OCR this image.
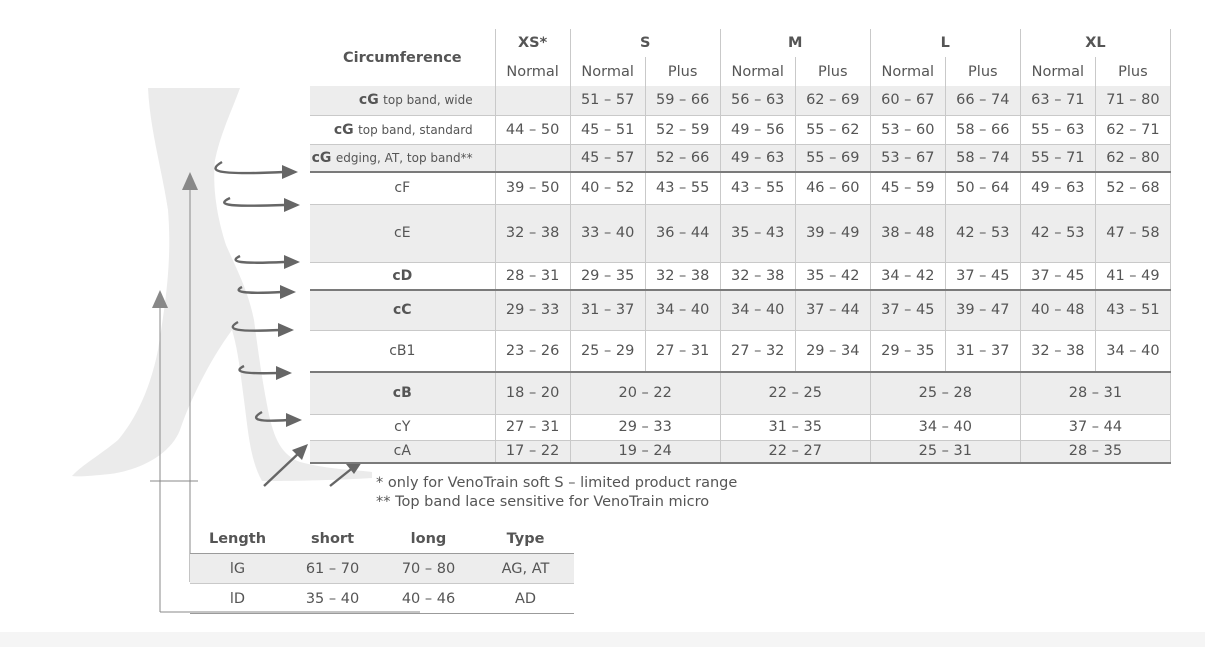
Circumference	XS*	S		M		L		XL	
	Normal	Normal	Plus	Normal	Plus	Normal	Plus	Normal	Plus
cG top band, wide		51 – 57	59 – 66	56 – 63	62 – 69	60 – 67	66 – 74	63 – 71	71 – 80
cG top band, standard	44 – 50	45 – 51	52 – 59	49 – 56	55 – 62	53 – 60	58 – 66	55 – 63	62 – 71
cG edging, AT, top band**		45 – 57	52 – 66	49 – 63	55 – 69	53 – 67	58 – 74	55 – 71	62 – 80
cF	39 – 50	40 – 52	43 – 55	43 – 55	46 – 60	45 – 59	50 – 64	49 – 63	52 – 68
cE	32 – 38	33 – 40	36 – 44	35 – 43	39 – 49	38 – 48	42 – 53	42 – 53	47 – 58
cD	28 – 31	29 – 35	32 – 38	32 – 38	35 – 42	34 – 42	37 – 45	37 – 45	41 – 49
cC	29 – 33	31 – 37	34 – 40	34 – 40	37 – 44	37 – 45	39 – 47	40 – 48	43 – 51
cB1	23 – 26	25 – 29	27 – 31	27 – 32	29 – 34	29 – 35	31 – 37	32 – 38	34 – 40
cB	18 – 20	20 – 22		22 – 25		25 – 28		28 – 31	
cY	27 – 31	29 – 33		31 – 35		34 – 40		37 – 44	
cA	17 – 22	19 – 24		22 – 27		25 – 31		28 – 35	
* only for VenoTrain soft S – limited product range
** Top band lace sensitive for VenoTrain micro
Length	short	long	Type
lG	61 – 70	70 – 80	AG, AT
lD	35 – 40	40 – 46	AD
